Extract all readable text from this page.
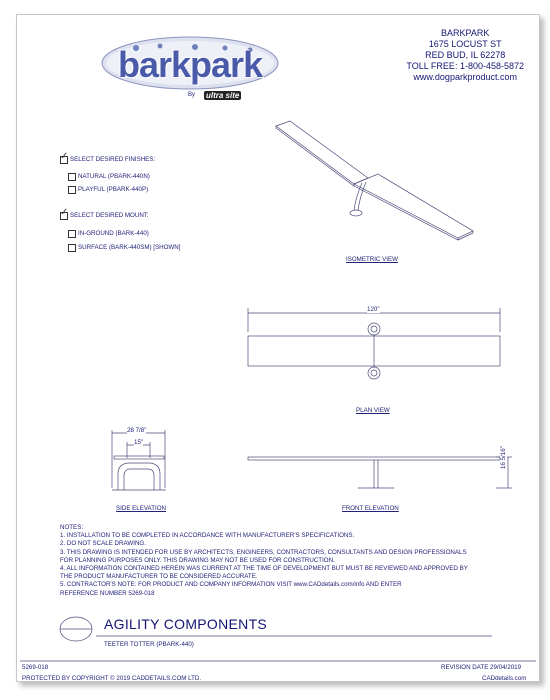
barkpark
By ultra site
BARKPARK
1675 LOCUST ST
RED BUD, IL 62278
TOLL FREE: 1-800-458-5872
www.dogparkproduct.com
✓ SELECT DESIRED FINISHES:
NATURAL (PBARK-440N)
PLAYFUL (PBARK-440P)
✓ SELECT DESIRED MOUNT:
IN-GROUND (BARK-440)
SURFACE (BARK-440SM) [SHOWN]
ISOMETRIC VIEW
PLAN VIEW
SIDE ELEVATION	FRONT ELEVATION
120"
28 7/8"
15"
16 5/16"
NOTES:
1. INSTALLATION TO BE COMPLETED IN ACCORDANCE WITH MANUFACTURER'S SPECIFICATIONS.
2. DO NOT SCALE DRAWING.
3. THIS DRAWING IS INTENDED FOR USE BY ARCHITECTS, ENGINEERS, CONTRACTORS, CONSULTANTS AND DESIGN PROFESSIONALS
FOR PLANNING PURPOSES ONLY. THIS DRAWING MAY NOT BE USED FOR CONSTRUCTION.
4. ALL INFORMATION CONTAINED HEREIN WAS CURRENT AT THE TIME OF DEVELOPMENT BUT MUST BE REVIEWED AND APPROVED BY
THE PRODUCT MANUFACTURER TO BE CONSIDERED ACCURATE.
5. CONTRACTOR'S NOTE: FOR PRODUCT AND COMPANY INFORMATION VISIT www.CADdetails.com/info AND ENTER
REFERENCE NUMBER 5269-018
AGILITY COMPONENTS
TEETER TOTTER (PBARK-440)
5269-018	REVISION DATE 29/04/2019
PROTECTED BY COPYRIGHT © 2019 CADDETAILS.COM LTD.	CADdetails.com
